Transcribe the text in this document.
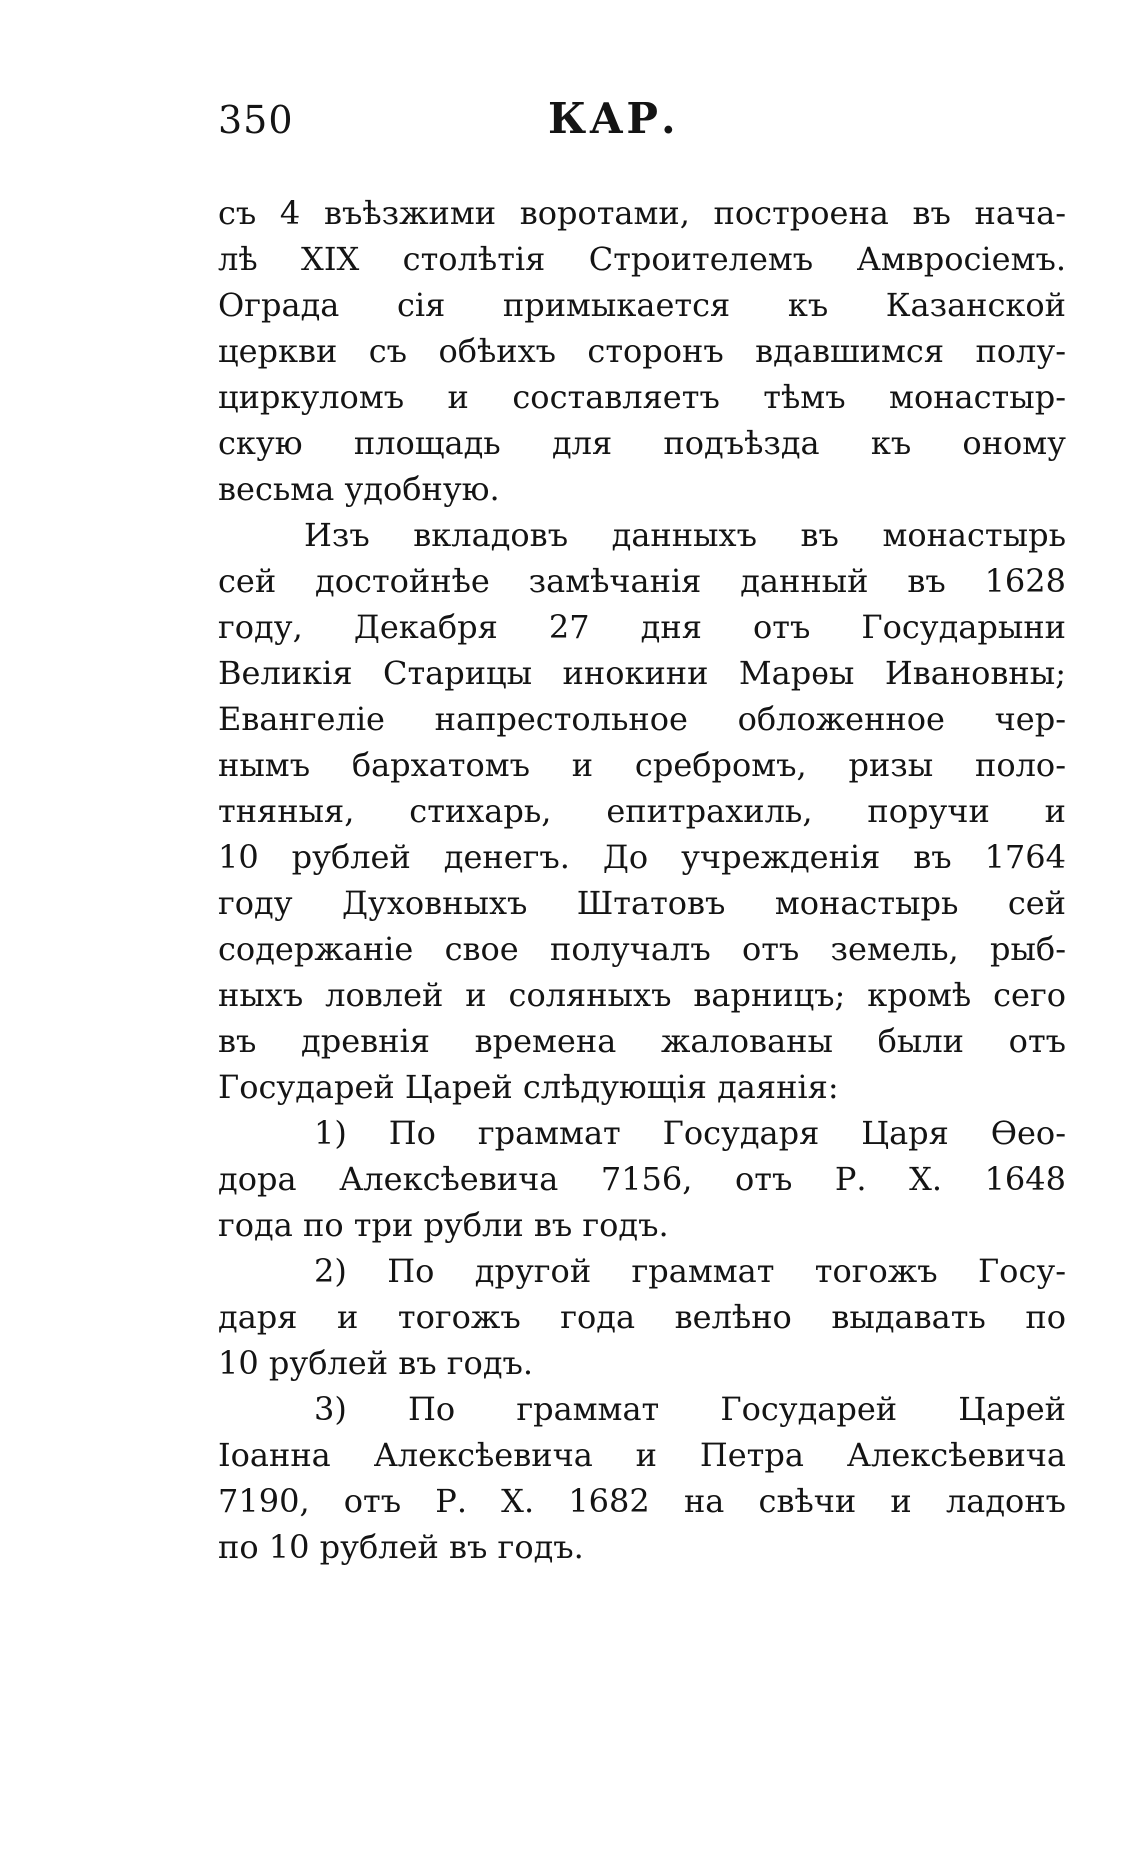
350	КАР.
съ 4 въѣзжими воротами, построена въ нача-
лѣ XIX столѣтія Строителемъ Амвросіемъ.
Ограда сія примыкается къ Казанской
церкви съ обѣихъ сторонъ вдавшимся полу-
циркуломъ и составляетъ тѣмъ монастыр-
скую площадь для подъѣзда къ оному
весьма удобную.
Изъ вкладовъ данныхъ въ монастырь
сей достойнѣе замѣчанія данный въ 1628
году, Декабря 27 дня отъ Государыни
Великія Старицы инокини Марѳы Ивановны;
Евангеліе напрестольное обложенное чер-
нымъ бархатомъ и сребромъ, ризы поло-
тняныя, стихарь, епитрахиль, поручи и
10 рублей денегъ. До учрежденія въ 1764
году Духовныхъ Штатовъ монастырь сей
содержаніе свое получалъ отъ земель, рыб-
ныхъ ловлей и соляныхъ варницъ; кромѣ сего
въ древнія времена жалованы были отъ
Государей Царей слѣдующія даянія:
1) По граммат Государя Царя Ѳео-
дора Алексѣевича 7156, отъ Р. Х. 1648
года по три рубли въ годъ.
2) По другой граммат тогожъ Госу-
даря и тогожъ года велѣно выдавать по
10 рублей въ годъ.
3) По граммат Государей Царей
Іоанна Алексѣевича и Петра Алексѣевича
7190, отъ Р. Х. 1682 на свѣчи и ладонъ
по 10 рублей въ годъ.
